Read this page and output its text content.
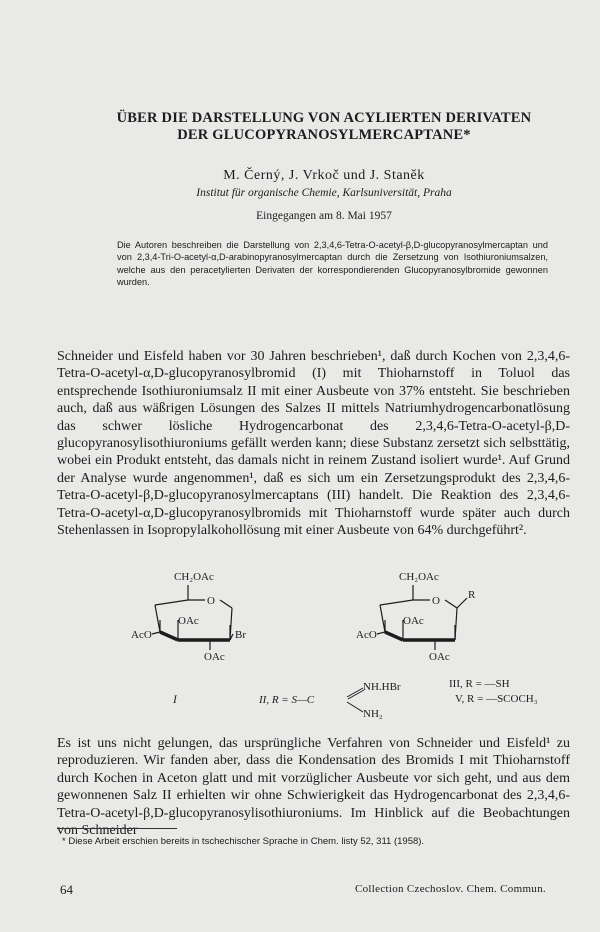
ÜBER DIE DARSTELLUNG VON ACYLIERTEN DERIVATEN
DER GLUCOPYRANOSYLMERCAPTANE*
M. Černý, J. Vrkoč und J. Staněk
Institut für organische Chemie, Karlsuniversität, Praha
Eingegangen am 8. Mai 1957
Die Autoren beschreiben die Darstellung von 2,3,4,6-Tetra-O-acetyl-β,D-glucopyranosylmercaptan und von 2,3,4-Tri-O-acetyl-α,D-arabinopyranosylmercaptan durch die Zersetzung von Isothiuroniumsalzen, welche aus den peracetylierten Derivaten der korrespondierenden Glucopyranosylbromide gewonnen wurden.

Schneider und Eisfeld haben vor 30 Jahren beschrieben¹, daß durch Kochen von 2,3,4,6-Tetra-O-acetyl-α,D-glucopyranosylbromid (I) mit Thioharnstoff in Toluol das entsprechende Isothiuroniumsalz II mit einer Ausbeute von 37% entsteht. Sie beschrieben auch, daß aus wäßrigen Lösungen des Salzes II mittels Natriumhydrogencarbonatlösung das schwer lösliche Hydrogencarbonat des 2,3,4,6-Tetra-O-acetyl-β,D-glucopyranosylisothiuroniums gefällt werden kann; diese Substanz zersetzt sich selbsttätig, wobei ein Produkt entsteht, das damals nicht in reinem Zustand isoliert wurde¹. Auf Grund der Analyse wurde angenommen¹, daß es sich um ein Zersetzungsprodukt des 2,3,4,6-Tetra-O-acetyl-β,D-glucopyranosylmercaptans (III) handelt. Die Reaktion des 2,3,4,6-Tetra-O-acetyl-α,D-glucopyranosylbromids mit Thioharnstoff wurde später auch durch Stehenlassen in Isopropylalkohollösung mit einer Ausbeute von 64% durchgeführt².

CH₂OAc
O
OAc
AcO	Br
OAc
CH₂OAc
O	R
OAc
AcO
OAc
NH.HBr
NH₂
I	II, R = S—C
III, R = —SH
V, R = —SCOCH₃

Es ist uns nicht gelungen, das ursprüngliche Verfahren von Schneider und Eisfeld¹ zu reproduzieren. Wir fanden aber, dass die Kondensation des Bromids I mit Thioharnstoff durch Kochen in Aceton glatt und mit vorzüglicher Ausbeute vor sich geht, und aus dem gewonnenen Salz II erhielten wir ohne Schwierigkeit das Hydrogencarbonat des 2,3,4,6-Tetra-O-acetyl-β,D-glucopyranosylisothiuroniums. Im Hinblick auf die Beobachtungen von Schneider

* Diese Arbeit erschien bereits in tschechischer Sprache in Chem. listy 52, 311 (1958).
64	Collection Czechoslov. Chem. Commun.
